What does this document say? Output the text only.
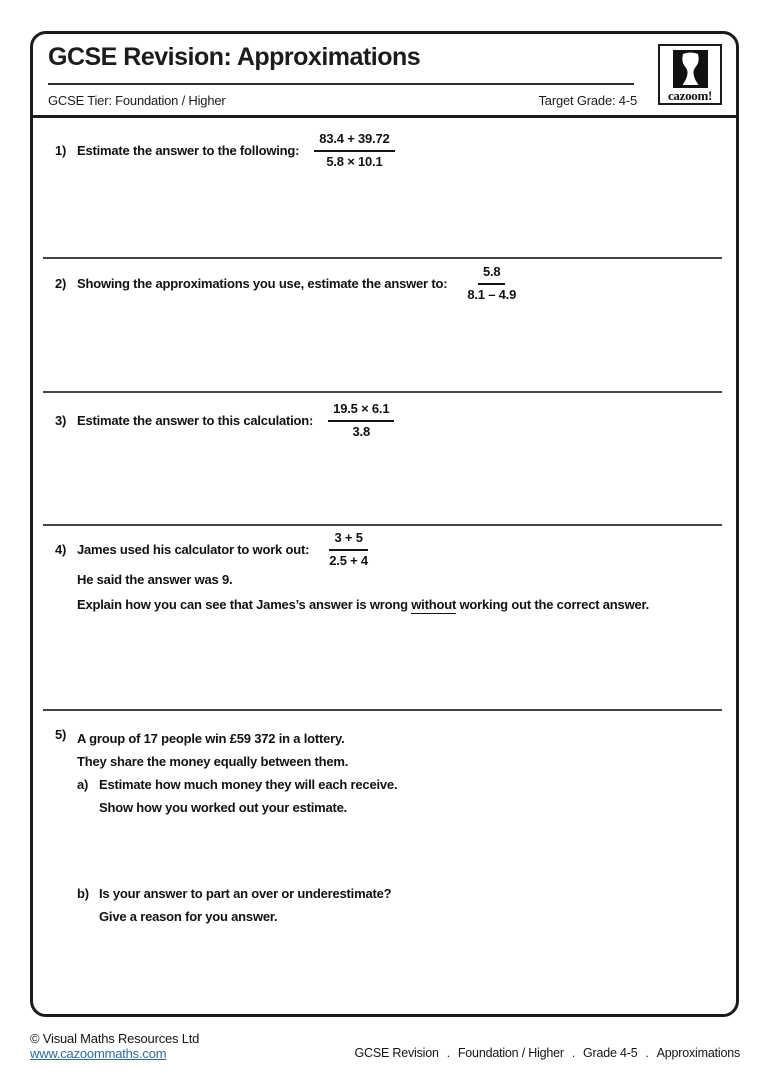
GCSE Revision: Approximations
GCSE Tier: Foundation / Higher	Target Grade: 4-5 cazoom!
1) Estimate the answer to the following: $\frac{83.4 + 39.72}{5.8 \times 10.1}$
2) Showing the approximations you use, estimate the answer to: $\frac{5.8}{8.1 - 4.9}$
3) Estimate the answer to this calculation: $\frac{19.5 \times 6.1}{3.8}$
4) James used his calculator to work out: $\frac{3 + 5}{2.5 + 4}$

He said the answer was 9.

Explain how you can see that James’s answer is wrong without working out the correct answer.

5) A group of 17 people win £59 372 in a lottery.

They share the money equally between them.

a) Estimate how much money they will each receive.

Show how you worked out your estimate.

b) Is your answer to part an over or underestimate?

Give a reason for you answer.

© Visual Maths Resources Ltd
www.cazoommaths.com	GCSE Revision . Foundation / Higher . Grade 4-5 . Approximations
